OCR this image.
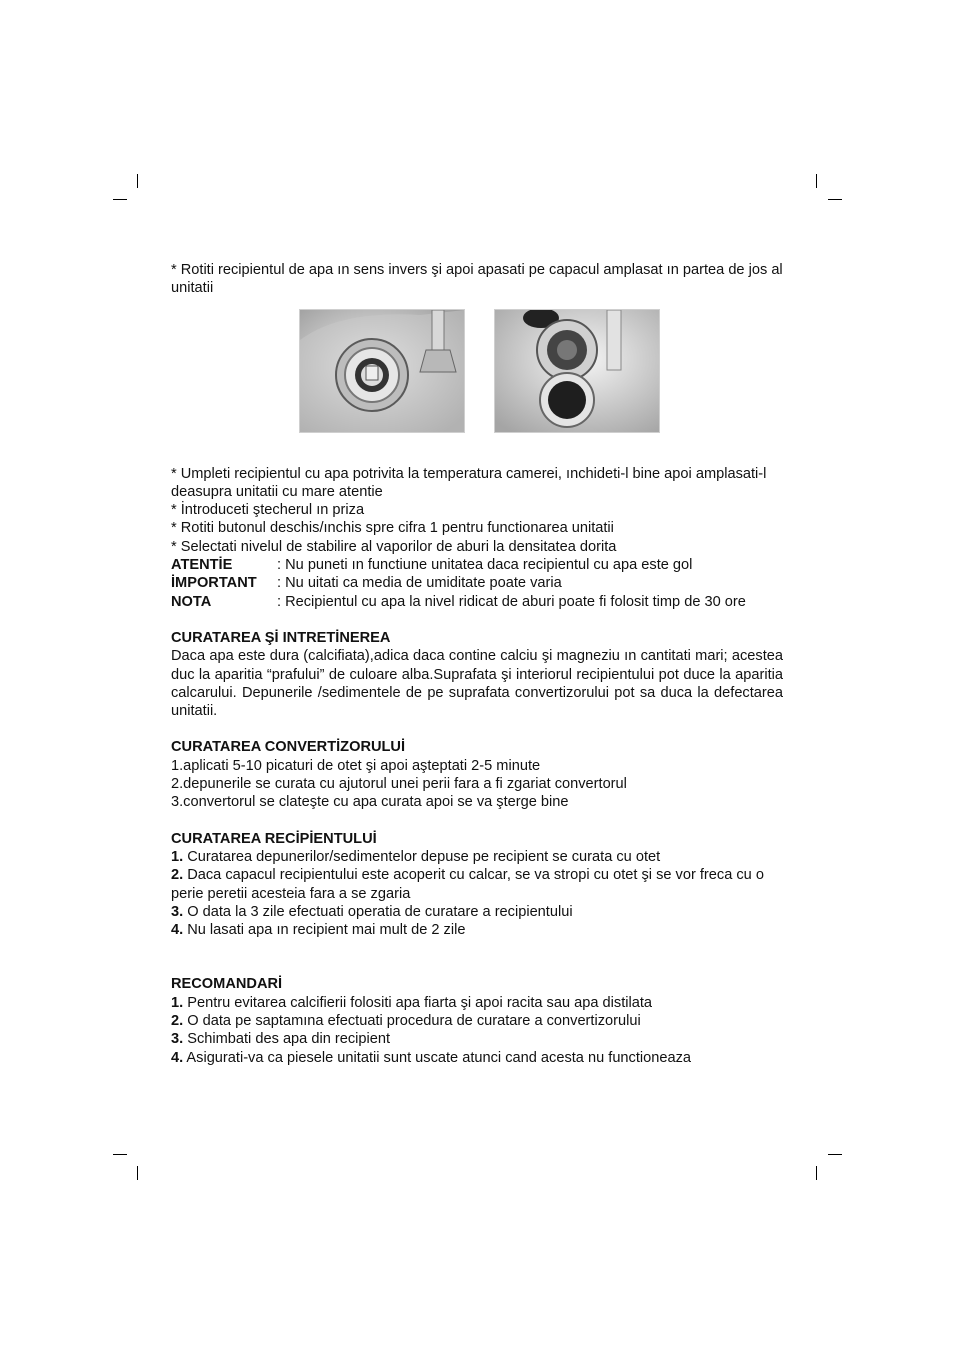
* Rotiti recipientul de apa ın sens invers şi apoi apasati pe capacul amplasat ın partea de jos al unitatii

* Umpleti recipientul cu apa potrivita la temperatura camerei, ınchideti-l bine apoi amplasati-l deasupra unitatii cu mare atentie

* İntroduceti ştecherul ın priza

* Rotiti butonul deschis/ınchis spre cifra 1 pentru functionarea unitatii

* Selectati nivelul de stabilire al vaporilor de aburi la densitatea dorita

ATENTİE	: Nu puneti ın functiune unitatea daca recipientul cu apa este gol
İMPORTANT	: Nu uitati ca media de umiditate poate varia
NOTA	: Recipientul cu apa la nivel ridicat de aburi poate fi folosit timp de 30 ore
CURATAREA Şİ INTRETİNEREA

Daca apa este dura (calcifiata),adica daca contine calciu şi magneziu ın cantitati mari; acestea duc la aparitia “prafului” de culoare alba.Suprafata şi interiorul recipientului pot duce la aparitia calcarului. Depunerile /sedimentele de pe suprafata convertizorului pot sa duca la defectarea unitatii.

CURATAREA CONVERTİZORULUİ

1.aplicati 5-10 picaturi de otet şi apoi aşteptati 2-5 minute

2.depunerile se curata cu ajutorul unei perii fara a fi zgariat convertorul

3.convertorul se clateşte cu apa curata apoi se va şterge bine

CURATAREA RECİPİENTULUİ

1. Curatarea depunerilor/sedimentelor depuse pe recipient se curata cu otet

2. Daca capacul recipientului este acoperit cu calcar, se va stropi cu otet şi se vor freca cu o perie peretii acesteia fara a se zgaria

3. O data la 3 zile efectuati operatia de curatare a recipientului

4. Nu lasati apa ın recipient mai mult de 2 zile

RECOMANDARİ

1. Pentru evitarea calcifierii folositi apa fiarta şi apoi racita sau apa distilata

2. O data pe saptamına efectuati procedura de curatare a convertizorului

3. Schimbati des apa din recipient

4. Asigurati-va ca piesele unitatii sunt uscate atunci cand acesta nu functioneaza
